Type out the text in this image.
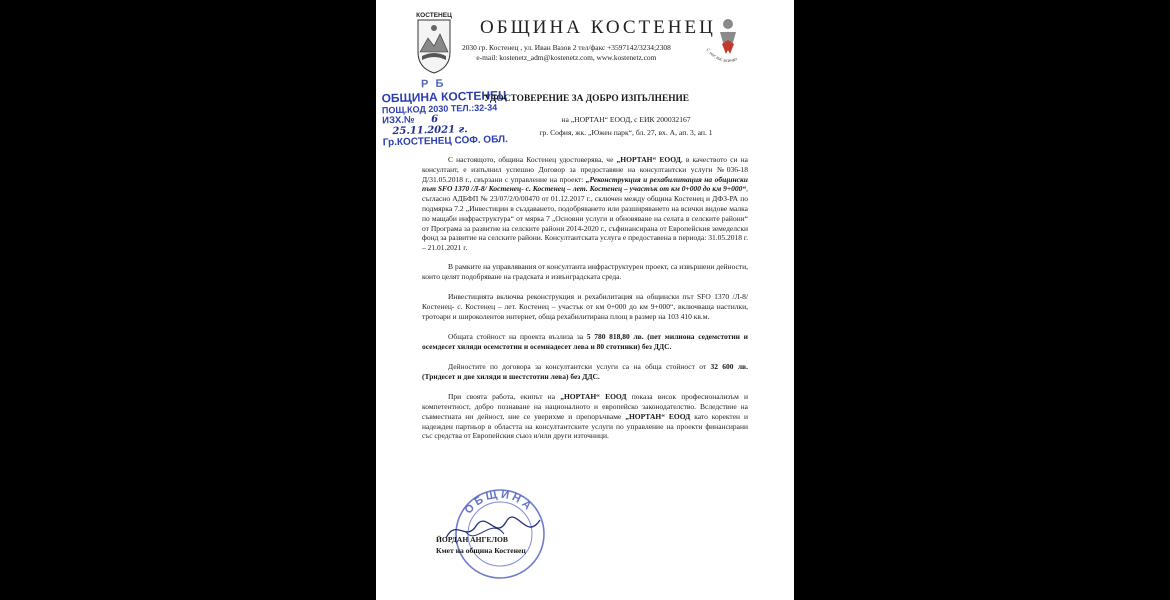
КОСТЕНЕЦ
ОБЩИНА КОСТЕНЕЦ
2030 гр. Костенец , ул. Иван Вазов 2 тел/факс +3597142/3234;2308
e-mail: kostenetz_adm@kostenetz.com, www.kostenetz.com
С нас вас всичко
Р Б
ОБЩИНА КОСТЕНЕЦ
ПОЩ.КОД 2030 ТЕЛ.:32-34
ИЗХ.№ 6
25.11.2021 г.
Гр.КОСТЕНЕЦ СОФ. ОБЛ.
УДОСТОВЕРЕНИЕ ЗА ДОБРО ИЗПЪЛНЕНИЕ
на „НОРТАН“ ЕООД, с ЕИК 200032167
гр. София, жк. „Южен парк“, бл. 27, вх. А, ап. 3, ап. 1

С настоящото, община Костенец удостоверява, че „НОРТАН“ ЕООД, в качеството си на консултант, е изпълнил успешно Договор за предоставяне на консултантски услуги №036-18 Д/31.05.2018 г., свързани с управление на проект: „Реконструкция и рехабилитация на общински път SFO 1370 /Л-8/ Костенец- с. Костенец – лет. Костенец – участък от км 0+000 до км 9+000“, съгласно АДБФП № 23/07/2/0/00470 от 01.12.2017 г., сключен между община Костенец и ДФЗ-РА по подмярка 7.2 „Инвестиции в създаването, подобряването или разширяването на всички видове малка по мащаби инфраструктура“ от мярка 7 „Основни услуги и обновяване на селата в селските райони“ от Програма за развитие на селските райони 2014-2020 г., съфинансирана от Европейския земеделски фонд за развитие на селските райони. Консултантската услуга е предоставена в периода: 31.05.2018 г. – 21.01.2021 г.

В рамките на управлявания от консултанта инфраструктурен проект, са извършени дейности, които целят подобряване на градската и извънградската среда.

Инвестицията включва реконструкция и рехабилитация на общински път SFO 1370 /Л-8/ Костенец- с. Костенец – лет. Костенец – участък от км 0+000 до км 9+000“, включваща настилки, тротоари и широколентов интернет, обща рехабилитирана площ в размер на 103 410 кв.м.

Общата стойност на проекта възлиза за 5 780 818,80 лв. (пет милиона седемстотин и осемдесет хиляди осемстотин и осемнадесет лева и 80 стотинки) без ДДС.

Дейностите по договора за консултантски услуги са на обща стойност от 32 600 лв. (Тридесет и две хиляди и шестстотин лева) без ДДС.

При своята работа, екипът на „НОРТАН“ ЕООД показа висок професионализъм и компетентност, добро познаване на националното и европейско законодателство. Вследствие на съвместната ни дейност, ние се уверихме и препоръчваме „НОРТАН“ ЕООД като коректен и надежден партньор в областта на консултантските услуги по управление на проекти финансирани със средства от Европейския съюз и/или други източници.

ОБЩИНА
ЙОРДАН АНГЕЛОВ
Кмет на община Костенец
